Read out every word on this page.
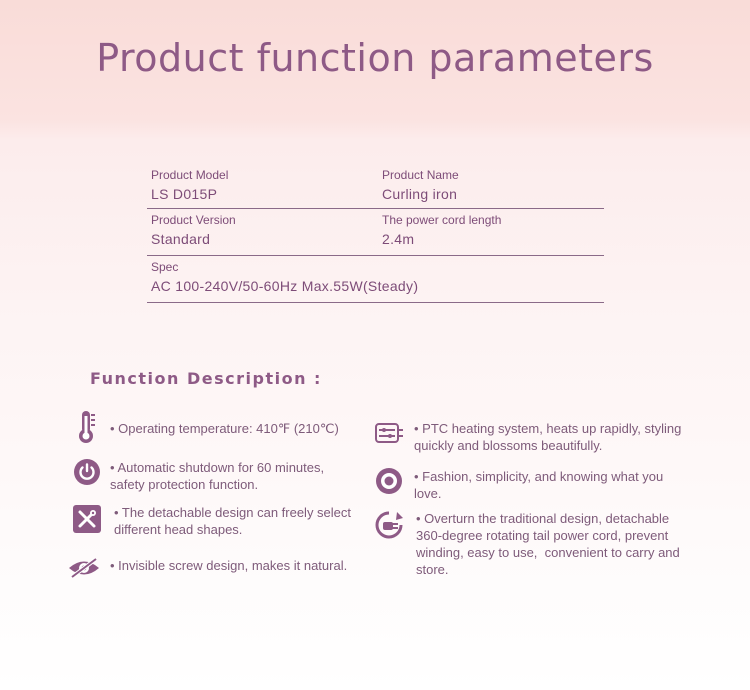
Product function parameters
Product Model
LS D015P
Product Name
Curling iron
Product Version
Standard
The power cord length
2.4m
Spec
AC 100-240V/50-60Hz Max.55W(Steady)
Function Description :
• Operating temperature: 410℉ (210℃)
• Automatic shutdown for 60 minutes, safety protection function.
• The detachable design can freely select different head shapes.
• Invisible screw design, makes it natural.
• PTC heating system, heats up rapidly, styling quickly and blossoms beautifully.
• Fashion, simplicity, and knowing what you love.
• Overturn the traditional design, detachable 360-degree rotating tail power cord, prevent winding, easy to use,  convenient to carry and store.
